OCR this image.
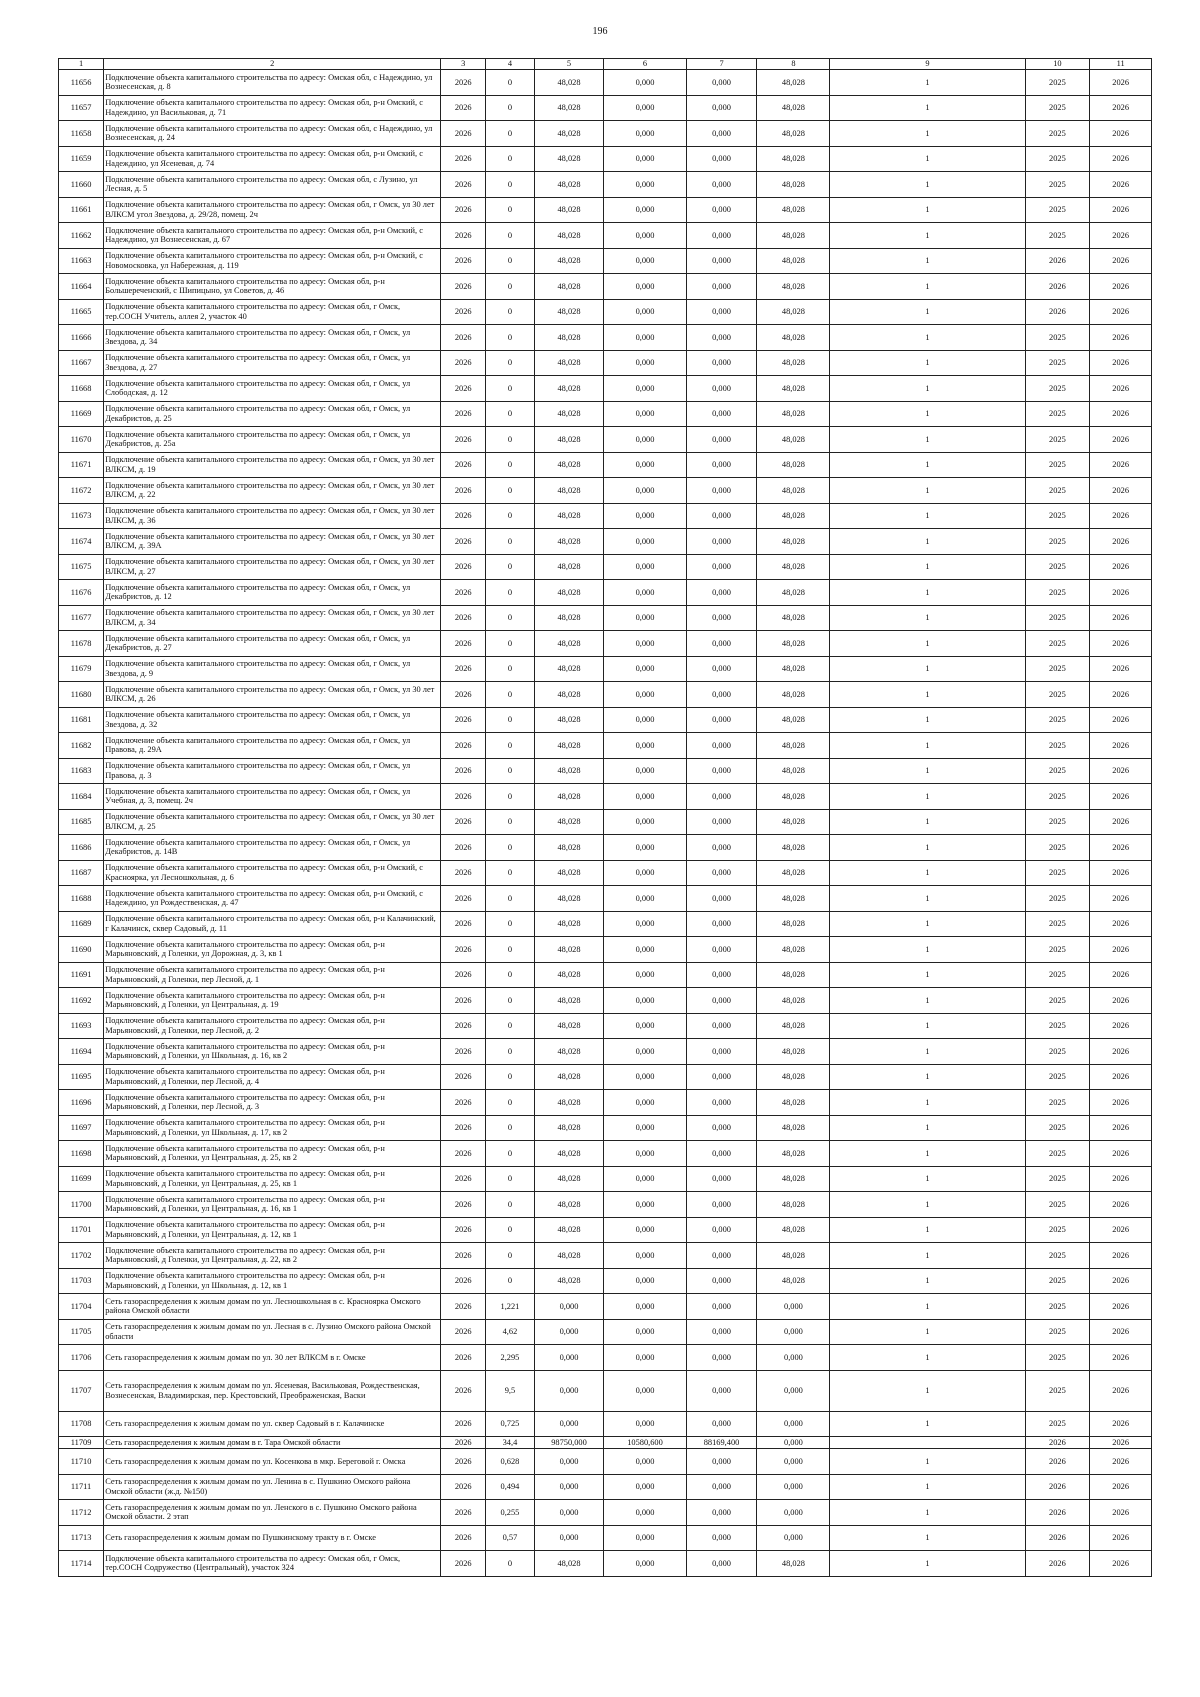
196
1	2	3	4	5	6	7	8	9	10	11
11656	Подключение объекта капитального строительства по адресу: Омская обл, с Надеждино, ул Вознесенская, д. 8	2026	0	48,028	0,000	0,000	48,028	1	2025	2026
11657	Подключение объекта капитального строительства по адресу: Омская обл, р-н Омский, с Надеждино, ул Васильковая, д. 71	2026	0	48,028	0,000	0,000	48,028	1	2025	2026
11658	Подключение объекта капитального строительства по адресу: Омская обл, с Надеждино, ул Вознесенская, д. 24	2026	0	48,028	0,000	0,000	48,028	1	2025	2026
11659	Подключение объекта капитального строительства по адресу: Омская обл, р-н Омский, с Надеждино, ул Ясеневая, д. 74	2026	0	48,028	0,000	0,000	48,028	1	2025	2026
11660	Подключение объекта капитального строительства по адресу: Омская обл, с Лузино, ул Лесная, д. 5	2026	0	48,028	0,000	0,000	48,028	1	2025	2026
11661	Подключение объекта капитального строительства по адресу: Омская обл, г Омск, ул 30 лет ВЛКСМ угол Звездова, д. 29/28, помещ. 2ч	2026	0	48,028	0,000	0,000	48,028	1	2025	2026
11662	Подключение объекта капитального строительства по адресу: Омская обл, р-н Омский, с Надеждино, ул Вознесенская, д. 67	2026	0	48,028	0,000	0,000	48,028	1	2025	2026
11663	Подключение объекта капитального строительства по адресу: Омская обл, р-н Омский, с Новомосковка, ул Набережная, д. 119	2026	0	48,028	0,000	0,000	48,028	1	2026	2026
11664	Подключение объекта капитального строительства по адресу: Омская обл, р-н Большереченский, с Шипицыно, ул Советов, д. 46	2026	0	48,028	0,000	0,000	48,028	1	2026	2026
11665	Подключение объекта капитального строительства по адресу: Омская обл, г Омск, тер.СОСН Учитель, аллея 2, участок 40	2026	0	48,028	0,000	0,000	48,028	1	2026	2026
11666	Подключение объекта капитального строительства по адресу: Омская обл, г Омск, ул Звездова, д. 34	2026	0	48,028	0,000	0,000	48,028	1	2025	2026
11667	Подключение объекта капитального строительства по адресу: Омская обл, г Омск, ул Звездова, д. 27	2026	0	48,028	0,000	0,000	48,028	1	2025	2026
11668	Подключение объекта капитального строительства по адресу: Омская обл, г Омск, ул Слободская, д. 12	2026	0	48,028	0,000	0,000	48,028	1	2025	2026
11669	Подключение объекта капитального строительства по адресу: Омская обл, г Омск, ул Декабристов, д. 25	2026	0	48,028	0,000	0,000	48,028	1	2025	2026
11670	Подключение объекта капитального строительства по адресу: Омская обл, г Омск, ул Декабристов, д. 25а	2026	0	48,028	0,000	0,000	48,028	1	2025	2026
11671	Подключение объекта капитального строительства по адресу: Омская обл, г Омск, ул 30 лет ВЛКСМ, д. 19	2026	0	48,028	0,000	0,000	48,028	1	2025	2026
11672	Подключение объекта капитального строительства по адресу: Омская обл, г Омск, ул 30 лет ВЛКСМ, д. 22	2026	0	48,028	0,000	0,000	48,028	1	2025	2026
11673	Подключение объекта капитального строительства по адресу: Омская обл, г Омск, ул 30 лет ВЛКСМ, д. 36	2026	0	48,028	0,000	0,000	48,028	1	2025	2026
11674	Подключение объекта капитального строительства по адресу: Омская обл, г Омск, ул 30 лет ВЛКСМ, д. 39А	2026	0	48,028	0,000	0,000	48,028	1	2025	2026
11675	Подключение объекта капитального строительства по адресу: Омская обл, г Омск, ул 30 лет ВЛКСМ, д. 27	2026	0	48,028	0,000	0,000	48,028	1	2025	2026
11676	Подключение объекта капитального строительства по адресу: Омская обл, г Омск, ул Декабристов, д. 12	2026	0	48,028	0,000	0,000	48,028	1	2025	2026
11677	Подключение объекта капитального строительства по адресу: Омская обл, г Омск, ул 30 лет ВЛКСМ, д. 34	2026	0	48,028	0,000	0,000	48,028	1	2025	2026
11678	Подключение объекта капитального строительства по адресу: Омская обл, г Омск, ул Декабристов, д. 27	2026	0	48,028	0,000	0,000	48,028	1	2025	2026
11679	Подключение объекта капитального строительства по адресу: Омская обл, г Омск, ул Звездова, д. 9	2026	0	48,028	0,000	0,000	48,028	1	2025	2026
11680	Подключение объекта капитального строительства по адресу: Омская обл, г Омск, ул 30 лет ВЛКСМ, д. 26	2026	0	48,028	0,000	0,000	48,028	1	2025	2026
11681	Подключение объекта капитального строительства по адресу: Омская обл, г Омск, ул Звездова, д. 32	2026	0	48,028	0,000	0,000	48,028	1	2025	2026
11682	Подключение объекта капитального строительства по адресу: Омская обл, г Омск, ул Правова, д. 29А	2026	0	48,028	0,000	0,000	48,028	1	2025	2026
11683	Подключение объекта капитального строительства по адресу: Омская обл, г Омск, ул Правова, д. 3	2026	0	48,028	0,000	0,000	48,028	1	2025	2026
11684	Подключение объекта капитального строительства по адресу: Омская обл, г Омск, ул Учебная, д. 3, помещ. 2ч	2026	0	48,028	0,000	0,000	48,028	1	2025	2026
11685	Подключение объекта капитального строительства по адресу: Омская обл, г Омск, ул 30 лет ВЛКСМ, д. 25	2026	0	48,028	0,000	0,000	48,028	1	2025	2026
11686	Подключение объекта капитального строительства по адресу: Омская обл, г Омск, ул Декабристов, д. 14В	2026	0	48,028	0,000	0,000	48,028	1	2025	2026
11687	Подключение объекта капитального строительства по адресу: Омская обл, р-н Омский, с Красноярка, ул Лесношкольная, д. 6	2026	0	48,028	0,000	0,000	48,028	1	2025	2026
11688	Подключение объекта капитального строительства по адресу: Омская обл, р-н Омский, с Надеждино, ул Рождественская, д. 47	2026	0	48,028	0,000	0,000	48,028	1	2025	2026
11689	Подключение объекта капитального строительства по адресу: Омская обл, р-н Калачинский, г Калачинск, сквер Садовый, д. 11	2026	0	48,028	0,000	0,000	48,028	1	2025	2026
11690	Подключение объекта капитального строительства по адресу: Омская обл, р-н Марьяновский, д Голенки, ул Дорожная, д. 3, кв 1	2026	0	48,028	0,000	0,000	48,028	1	2025	2026
11691	Подключение объекта капитального строительства по адресу: Омская обл, р-н Марьяновский, д Голенки, пер Лесной, д. 1	2026	0	48,028	0,000	0,000	48,028	1	2025	2026
11692	Подключение объекта капитального строительства по адресу: Омская обл, р-н Марьяновский, д Голенки, ул Центральная, д. 19	2026	0	48,028	0,000	0,000	48,028	1	2025	2026
11693	Подключение объекта капитального строительства по адресу: Омская обл, р-н Марьяновский, д Голенки, пер Лесной, д. 2	2026	0	48,028	0,000	0,000	48,028	1	2025	2026
11694	Подключение объекта капитального строительства по адресу: Омская обл, р-н Марьяновский, д Голенки, ул Школьная, д. 16, кв 2	2026	0	48,028	0,000	0,000	48,028	1	2025	2026
11695	Подключение объекта капитального строительства по адресу: Омская обл, р-н Марьяновский, д Голенки, пер Лесной, д. 4	2026	0	48,028	0,000	0,000	48,028	1	2025	2026
11696	Подключение объекта капитального строительства по адресу: Омская обл, р-н Марьяновский, д Голенки, пер Лесной, д. 3	2026	0	48,028	0,000	0,000	48,028	1	2025	2026
11697	Подключение объекта капитального строительства по адресу: Омская обл, р-н Марьяновский, д Голенки, ул Школьная, д. 17, кв 2	2026	0	48,028	0,000	0,000	48,028	1	2025	2026
11698	Подключение объекта капитального строительства по адресу: Омская обл, р-н Марьяновский, д Голенки, ул Центральная, д. 25, кв 2	2026	0	48,028	0,000	0,000	48,028	1	2025	2026
11699	Подключение объекта капитального строительства по адресу: Омская обл, р-н Марьяновский, д Голенки, ул Центральная, д. 25, кв 1	2026	0	48,028	0,000	0,000	48,028	1	2025	2026
11700	Подключение объекта капитального строительства по адресу: Омская обл, р-н Марьяновский, д Голенки, ул Центральная, д. 16, кв 1	2026	0	48,028	0,000	0,000	48,028	1	2025	2026
11701	Подключение объекта капитального строительства по адресу: Омская обл, р-н Марьяновский, д Голенки, ул Центральная, д. 12, кв 1	2026	0	48,028	0,000	0,000	48,028	1	2025	2026
11702	Подключение объекта капитального строительства по адресу: Омская обл, р-н Марьяновский, д Голенки, ул Центральная, д. 22, кв 2	2026	0	48,028	0,000	0,000	48,028	1	2025	2026
11703	Подключение объекта капитального строительства по адресу: Омская обл, р-н Марьяновский, д Голенки, ул Школьная, д. 12, кв 1	2026	0	48,028	0,000	0,000	48,028	1	2025	2026
11704	Сеть газораспределения к жилым домам по ул. Лесношкольная в с. Красноярка Омского района Омской области	2026	1,221	0,000	0,000	0,000	0,000	1	2025	2026
11705	Сеть газораспределения к жилым домам по ул. Лесная в с. Лузино Омского района Омской области	2026	4,62	0,000	0,000	0,000	0,000	1	2025	2026
11706	Сеть газораспределения к жилым домам по ул. 30 лет ВЛКСМ в г. Омске	2026	2,295	0,000	0,000	0,000	0,000	1	2025	2026
11707	Сеть газораспределения к жилым домам по ул. Ясеневая, Васильковая, Рождественская, Вознесенская, Владимирская, пер. Крестовский, Преображенская, Васки	2026	9,5	0,000	0,000	0,000	0,000	1	2025	2026
11708	Сеть газораспределения к жилым домам по ул. сквер Садовый в г. Калачинске	2026	0,725	0,000	0,000	0,000	0,000	1	2025	2026
11709	Сеть газораспределения к жилым домам в г. Тара Омской области	2026	34,4	98750,000	10580,600	88169,400	0,000		2026	2026
11710	Сеть газораспределения к жилым домам по ул. Косенкова в мкр. Береговой г. Омска	2026	0,628	0,000	0,000	0,000	0,000	1	2026	2026
11711	Сеть газораспределения к жилым домам по ул. Ленина в с. Пушкино Омского района Омской области (ж.д. №150)	2026	0,494	0,000	0,000	0,000	0,000	1	2026	2026
11712	Сеть газораспределения к жилым домам по ул. Ленского в с. Пушкино Омского района Омской области. 2 этап	2026	0,255	0,000	0,000	0,000	0,000	1	2026	2026
11713	Сеть газораспределения к жилым домам по Пушкинскому тракту в г. Омске	2026	0,57	0,000	0,000	0,000	0,000	1	2026	2026
11714	Подключение объекта капитального строительства по адресу: Омская обл, г Омск, тер.СОСН Содружество (Центральный), участок 324	2026	0	48,028	0,000	0,000	48,028	1	2026	2026
